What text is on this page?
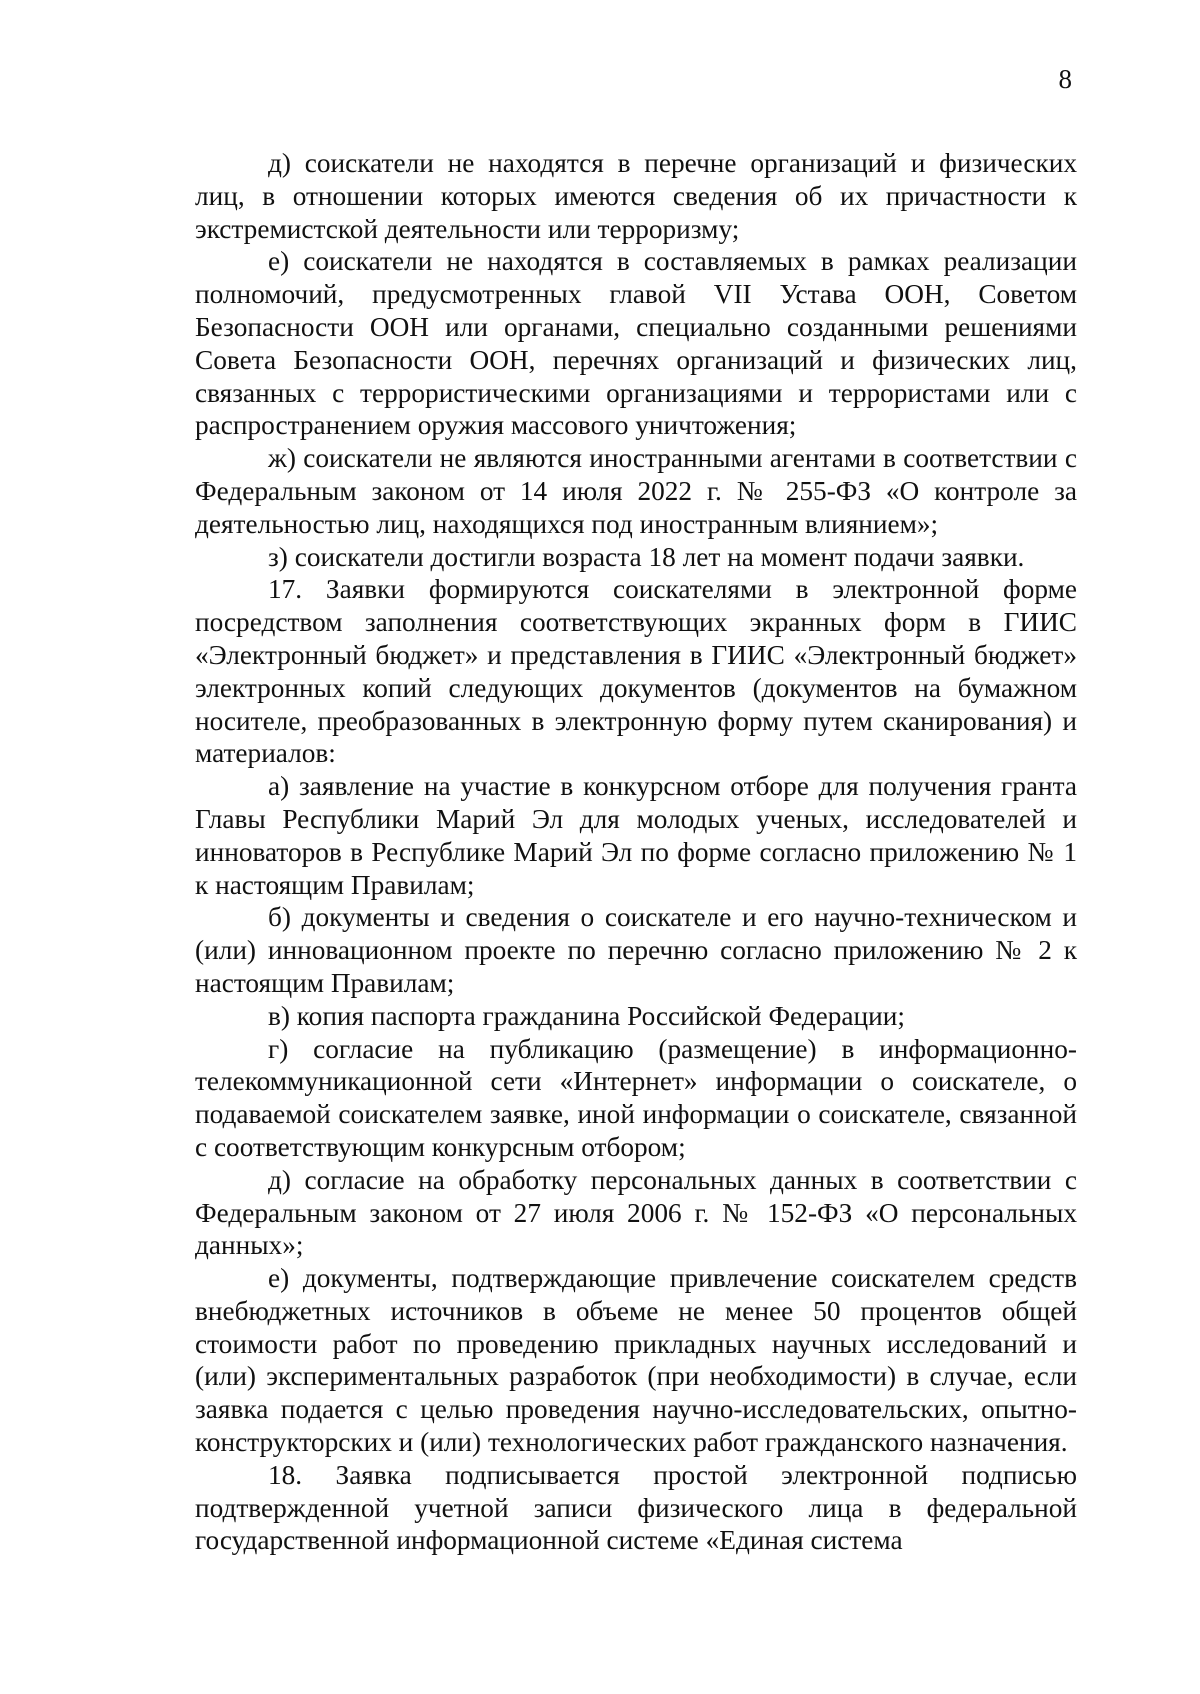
8

д) соискатели не находятся в перечне организаций и физических лиц, в отношении которых имеются сведения об их причастности к экстремистской деятельности или терроризму;

е) соискатели не находятся в составляемых в рамках реализации полномочий, предусмотренных главой VII Устава ООН, Советом Безопасности ООН или органами, специально созданными решениями Совета Безопасности ООН, перечнях организаций и физических лиц, связанных с террористическими организациями и террористами или с распространением оружия массового уничтожения;

ж) соискатели не являются иностранными агентами в соответствии с Федеральным законом от 14 июля 2022 г. № 255-ФЗ «О контроле за деятельностью лиц, находящихся под иностранным влиянием»;

з) соискатели достигли возраста 18 лет на момент подачи заявки.

17. Заявки формируются соискателями в электронной форме посредством заполнения соответствующих экранных форм в ГИИС «Электронный бюджет» и представления в ГИИС «Электронный бюджет» электронных копий следующих документов (документов на бумажном носителе, преобразованных в электронную форму путем сканирования) и материалов:

а) заявление на участие в конкурсном отборе для получения гранта Главы Республики Марий Эл для молодых ученых, исследователей и инноваторов в Республике Марий Эл по форме согласно приложению № 1 к настоящим Правилам;

б) документы и сведения о соискателе и его научно-техническом и (или) инновационном проекте по перечню согласно приложению № 2 к настоящим Правилам;

в) копия паспорта гражданина Российской Федерации;

г) согласие на публикацию (размещение) в информационно-телекоммуникационной сети «Интернет» информации о соискателе, о подаваемой соискателем заявке, иной информации о соискателе, связанной с соответствующим конкурсным отбором;

д) согласие на обработку персональных данных в соответствии с Федеральным законом от 27 июля 2006 г. № 152-ФЗ «О персональных данных»;

е) документы, подтверждающие привлечение соискателем средств внебюджетных источников в объеме не менее 50 процентов общей стоимости работ по проведению прикладных научных исследований и (или) экспериментальных разработок (при необходимости) в случае, если заявка подается с целью проведения научно-исследовательских, опытно-конструкторских и (или) технологических работ гражданского назначения.

18. Заявка подписывается простой электронной подписью подтвержденной учетной записи физического лица в федеральной государственной информационной системе «Единая система
